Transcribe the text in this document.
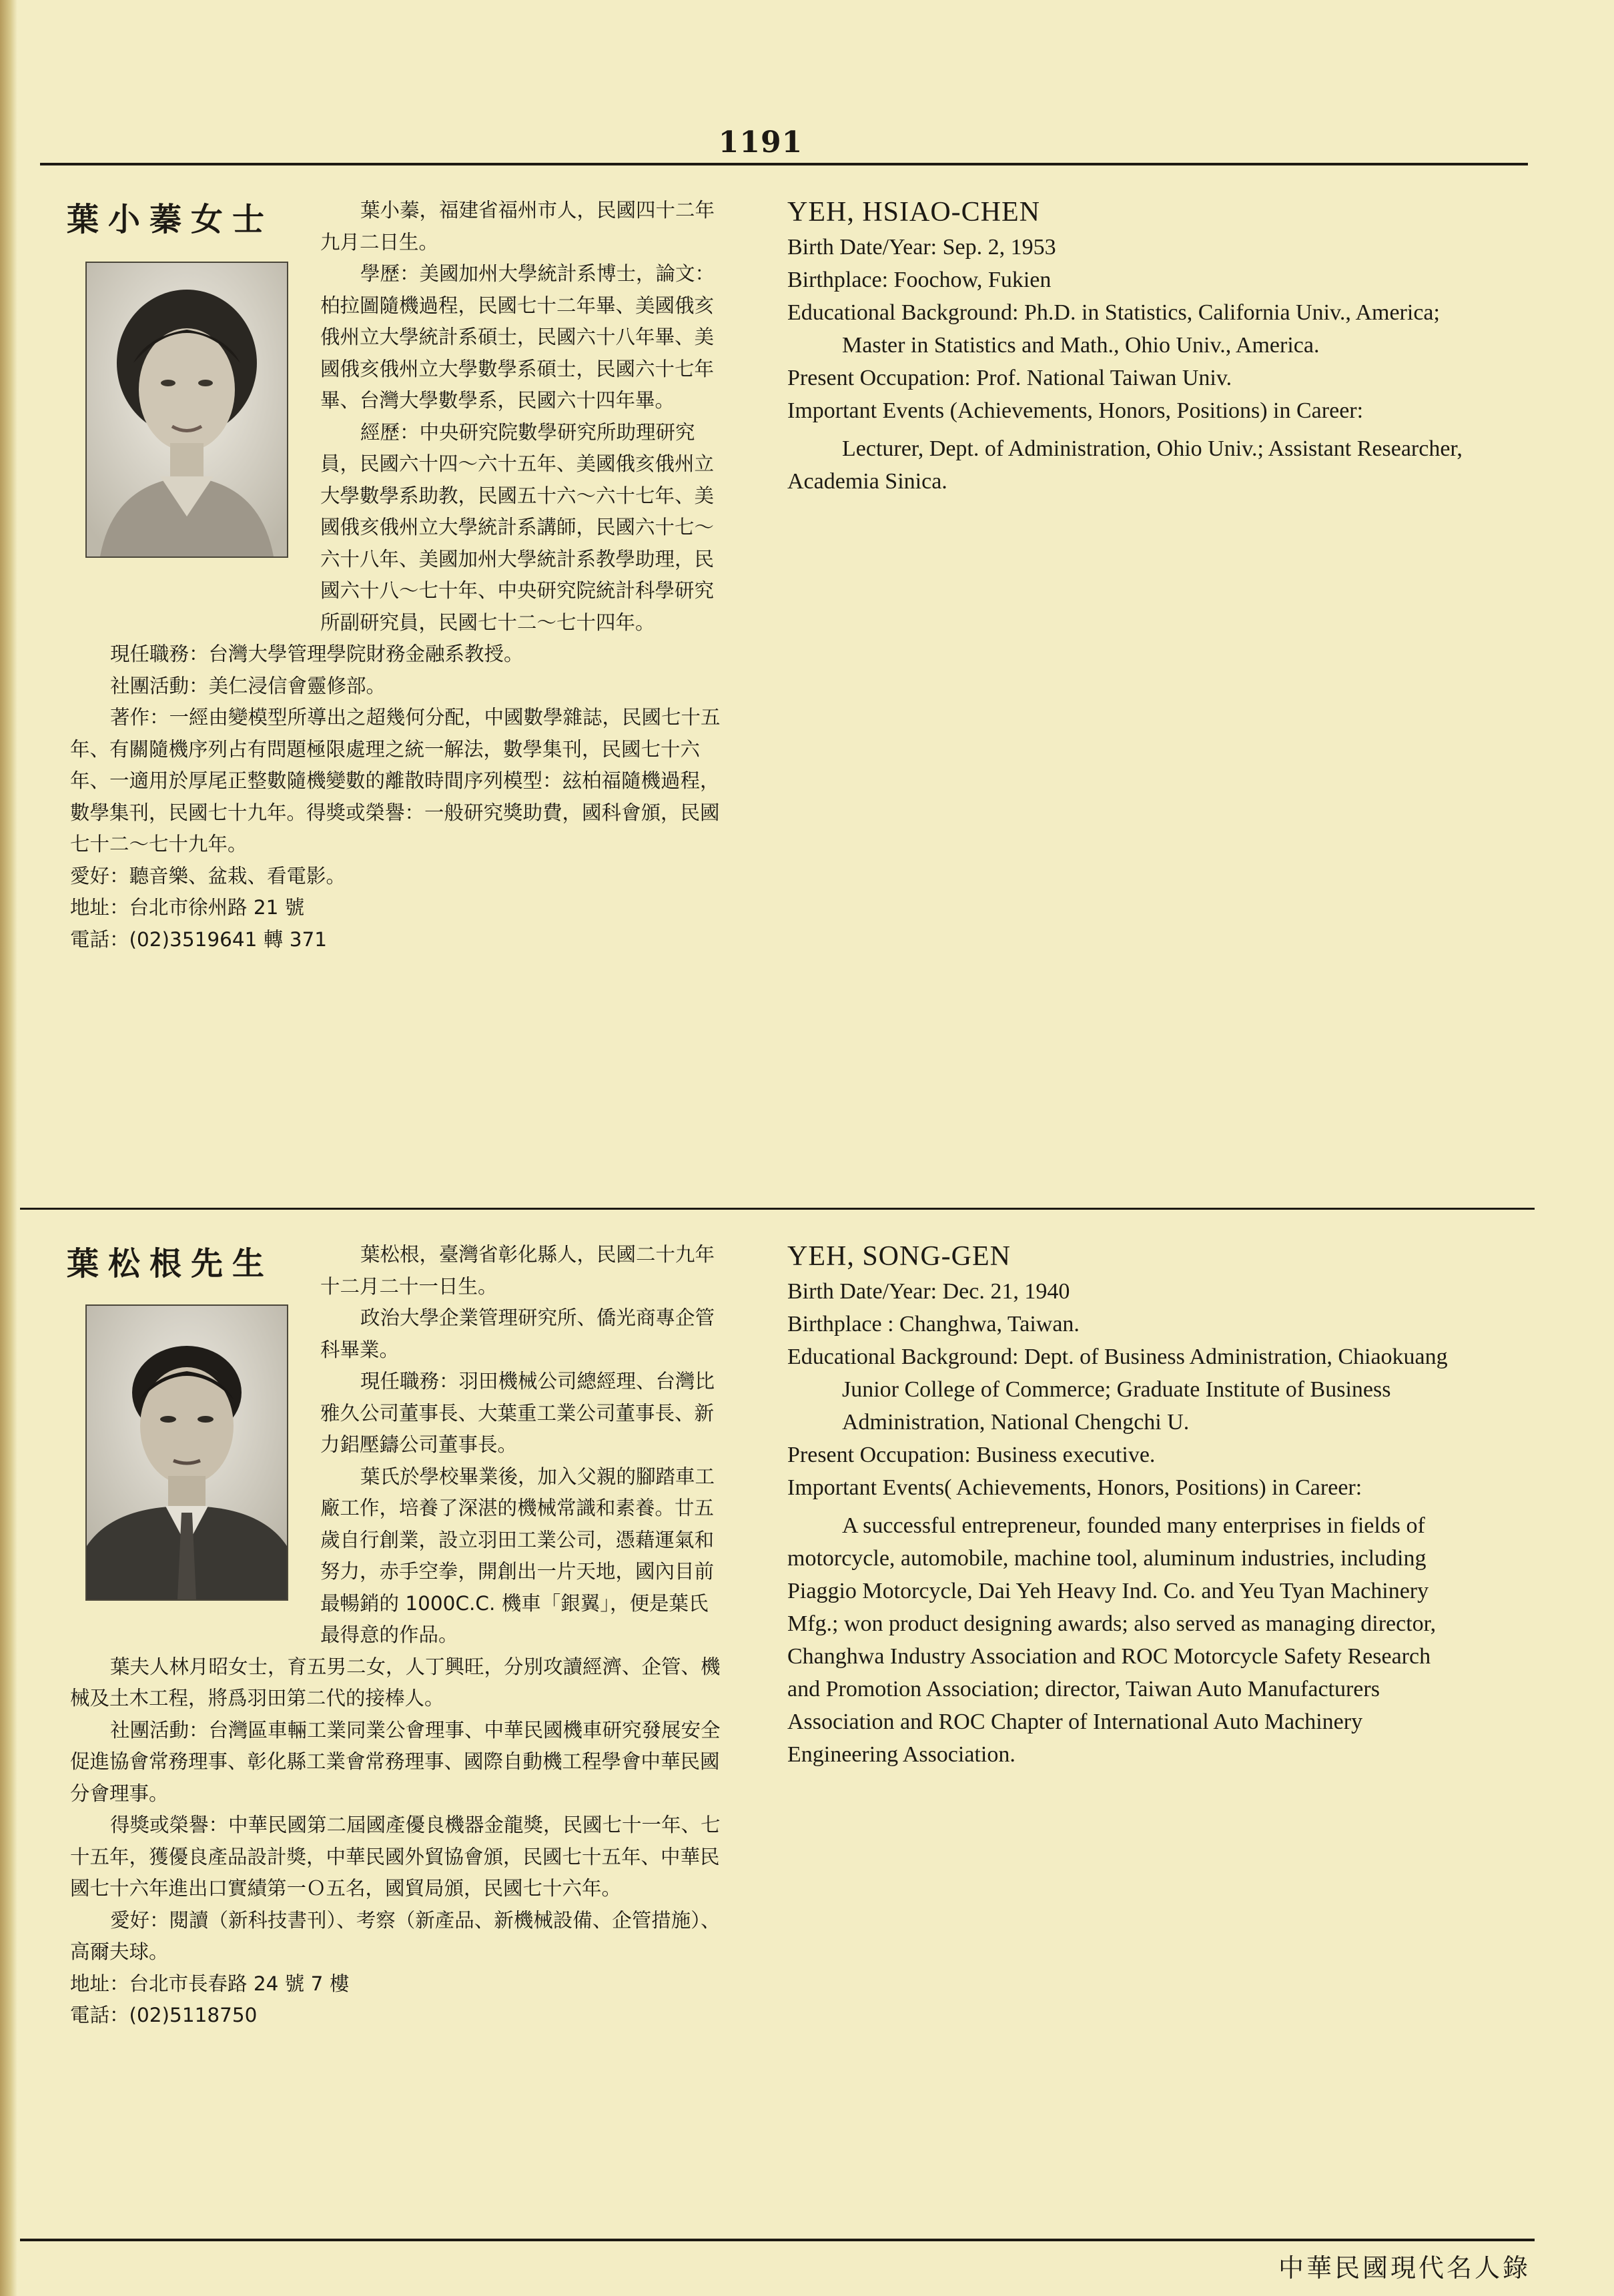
1191
葉小蓁女士	葉小蓁，福建省福州市人，民國四十二年九月二日生。

學歷：美國加州大學統計系博士，論文：柏拉圖隨機過程，民國七十二年畢、美國俄亥俄州立大學統計系碩士，民國六十八年畢、美國俄亥俄州立大學數學系碩士，民國六十七年畢、台灣大學數學系，民國六十四年畢。

經歷：中央研究院數學研究所助理研究員，民國六十四～六十五年、美國俄亥俄州立大學數學系助教，民國五十六～六十七年、美國俄亥俄州立大學統計系講師，民國六十七～六十八年、美國加州大學統計系教學助理，民國六十八～七十年、中央研究院統計科學研究所副研究員，民國七十二～七十四年。

現任職務：台灣大學管理學院財務金融系教授。

社團活動：美仁浸信會靈修部。

著作：一經由變模型所導出之超幾何分配，中國數學雜誌，民國七十五年、有關隨機序列占有問題極限處理之統一解法，數學集刊，民國七十六年、一適用於厚尾正整數隨機變數的離散時間序列模型：玆柏福隨機過程，數學集刊，民國七十九年。得獎或榮譽：一般研究獎助費，國科會頒，民國七十二～七十九年。

愛好：聽音樂、盆栽、看電影。

地址：台北市徐州路 21 號

電話：(02)3519641 轉 371

YEH, HSIAO-CHEN

Birth Date/Year: Sep. 2, 1953

Birthplace: Foochow, Fukien

Educational Background: Ph.D. in Statistics, California Univ., America; Master in Statistics and Math., Ohio Univ., America.

Present Occupation: Prof. National Taiwan Univ.

Important Events (Achievements, Honors, Positions) in Career:

Lecturer, Dept. of Administration, Ohio Univ.; Assistant Researcher, Academia Sinica.

葉松根先生	葉松根，臺灣省彰化縣人，民國二十九年十二月二十一日生。

政治大學企業管理研究所、僑光商專企管科畢業。

現任職務：羽田機械公司總經理、台灣比雅久公司董事長、大葉重工業公司董事長、新力鋁壓鑄公司董事長。

葉氏於學校畢業後，加入父親的腳踏車工廠工作，培養了深湛的機械常識和素養。廿五歲自行創業，設立羽田工業公司，憑藉運氣和努力，赤手空拳，開創出一片天地，國內目前最暢銷的 1000C.C. 機車「銀翼」，便是葉氏最得意的作品。

葉夫人林月昭女士，育五男二女，人丁興旺，分別攻讀經濟、企管、機械及土木工程，將爲羽田第二代的接棒人。

社團活動：台灣區車輛工業同業公會理事、中華民國機車研究發展安全促進協會常務理事、彰化縣工業會常務理事、國際自動機工程學會中華民國分會理事。

得獎或榮譽：中華民國第二屆國產優良機器金龍獎，民國七十一年、七十五年，獲優良產品設計獎，中華民國外貿協會頒，民國七十五年、中華民國七十六年進出口實績第一Ｏ五名，國貿局頒，民國七十六年。

愛好：閱讀（新科技書刊）、考察（新產品、新機械設備、企管措施）、高爾夫球。

地址：台北市長春路 24 號 7 樓

電話：(02)5118750

YEH, SONG-GEN

Birth Date/Year: Dec. 21, 1940

Birthplace : Changhwa, Taiwan.

Educational Background: Dept. of Business Administration, Chiaokuang Junior College of Commerce; Graduate Institute of Business Administration, National Chengchi U.

Present Occupation: Business executive.

Important Events( Achievements, Honors, Positions) in Career:

A successful entrepreneur, founded many enterprises in fields of motorcycle, automobile, machine tool, aluminum industries, including Piaggio Motorcycle, Dai Yeh Heavy Ind. Co. and Yeu Tyan Machinery Mfg.; won product designing awards; also served as managing director, Changhwa Industry Association and ROC Motorcycle Safety Research and Promotion Association; director, Taiwan Auto Manufacturers Association and ROC Chapter of International Auto Machinery Engineering Association.

中華民國現代名人錄
